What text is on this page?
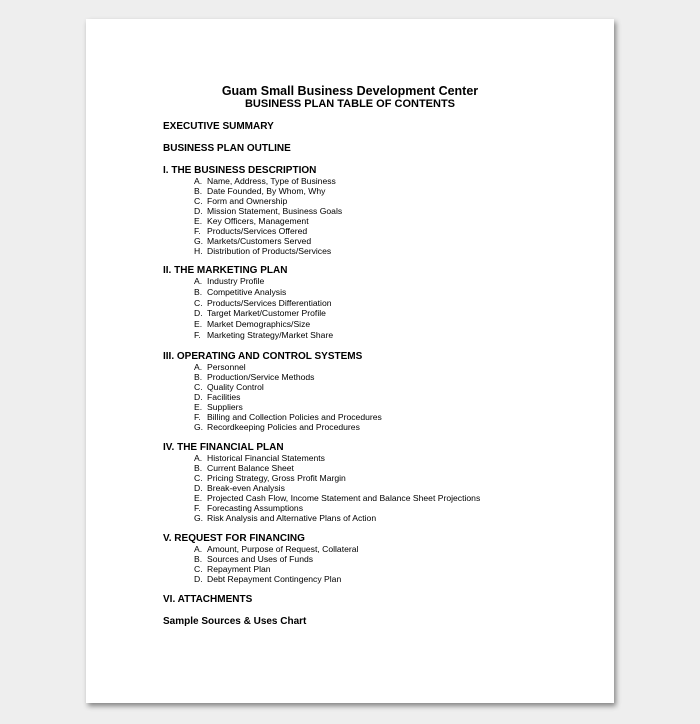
Guam Small Business Development Center
BUSINESS PLAN TABLE OF CONTENTS
EXECUTIVE SUMMARY
BUSINESS PLAN OUTLINE
I. THE BUSINESS DESCRIPTION
A. Name, Address, Type of Business
B. Date Founded, By Whom, Why
C. Form and Ownership
D. Mission Statement, Business Goals
E. Key Officers, Management
F. Products/Services Offered
G. Markets/Customers Served
H. Distribution of Products/Services
II. THE MARKETING PLAN
A. Industry Profile
B. Competitive Analysis
C. Products/Services Differentiation
D. Target Market/Customer Profile
E. Market Demographics/Size
F. Marketing Strategy/Market Share
III. OPERATING AND CONTROL SYSTEMS
A. Personnel
B. Production/Service Methods
C. Quality Control
D. Facilities
E. Suppliers
F. Billing and Collection Policies and Procedures
G. Recordkeeping Policies and Procedures
IV. THE FINANCIAL PLAN
A. Historical Financial Statements
B. Current Balance Sheet
C. Pricing Strategy, Gross Profit Margin
D. Break-even Analysis
E. Projected Cash Flow, Income Statement and Balance Sheet Projections
F. Forecasting Assumptions
G. Risk Analysis and Alternative Plans of Action
V. REQUEST FOR FINANCING
A. Amount, Purpose of Request, Collateral
B. Sources and Uses of Funds
C. Repayment Plan
D. Debt Repayment Contingency Plan
VI. ATTACHMENTS
Sample Sources & Uses Chart
